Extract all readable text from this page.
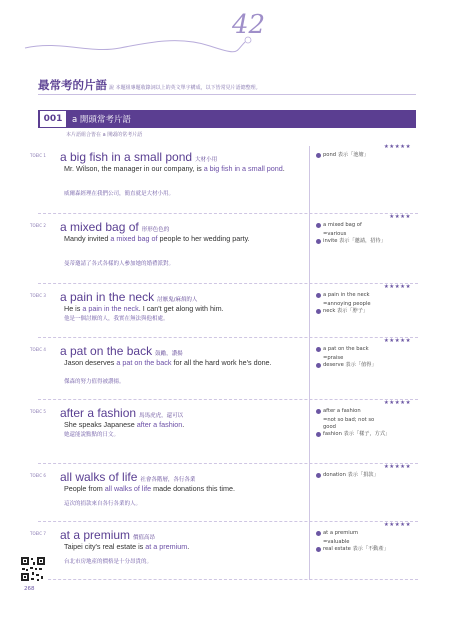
42
最常考的片語 說 本題組專題收錄詞以上的英文單字構成，以下皆常見片語總整理。
001	a 開頭常考片語
本片語組合皆在 a 開頭的常考片語
TOEIC 1
★★★★★
a big fish in a small pond 大材小用
Mr. Wilson, the manager in our company, is a big fish in a small pond.
威爾森經理在我們公司，簡直就是大材小用。
pond 表示「池塘」
TOEIC 2
★★★★
a mixed bag of 形形色色的
Mandy invited a mixed bag of people to her wedding party.
曼蒂邀請了各式各樣的人參加她的婚禮派對。
a mixed bag of
=various
invite 表示「邀請，招待」
TOEIC 3
★★★★★
a pain in the neck 討厭鬼/麻煩的人
He is a pain in the neck. I can't get along with him.
他是一個討厭的人，我實在無法與他相處。
a pain in the neck
=annoying people
neck 表示「脖子」
TOEIC 4
★★★★★
a pat on the back 鼓勵，讚揚
Jason deserves a pat on the back for all the hard work he's done.
傑森的努力值得被讚揚。
a pat on the back
=praise
deserve 表示「值得」
TOEIC 5
★★★★★
after a fashion 馬馬虎虎，還可以
She speaks Japanese after a fashion.
她還能說點點的日文。
after a fashion
=not so bad; not so
good
fashion 表示「樣子，方式」
TOEIC 6
★★★★★
all walks of life 社會各階層，各行各業
People from all walks of life made donations this time.
這次的捐款來自各行各業的人。
donation 表示「捐款」
TOEIC 7
★★★★★
at a premium 價值高昂
Taipei city's real estate is at a premium.
台北市房地產的價格是十分昂貴的。
at a premium
=valuable
real estate 表示「不動產」
268
